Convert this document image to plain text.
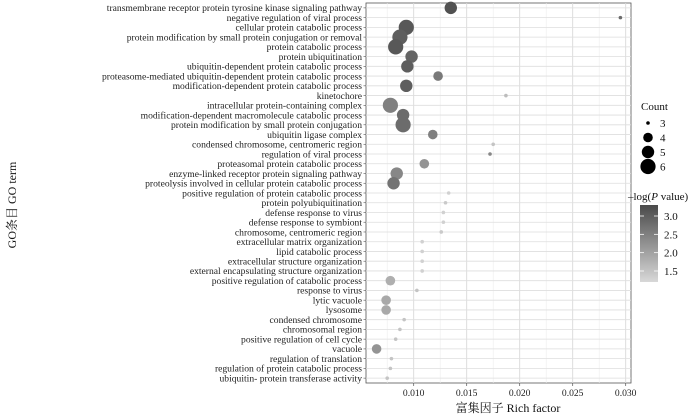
transmembrane receptor protein tyrosine kinase signaling pathway
negative regulation of viral process
cellular protein catabolic process
protein modification by small protein conjugation or removal
protein catabolic process
protein ubiquitination
ubiquitin-dependent protein catabolic process
proteasome-mediated ubiquitin-dependent protein catabolic process
modification-dependent protein catabolic process
kinetochore
intracellular protein-containing complex
modification-dependent macromolecule catabolic process
protein modification by small protein conjugation
ubiquitin ligase complex
condensed chromosome, centromeric region
regulation of viral process
proteasomal protein catabolic process
enzyme-linked receptor protein signaling pathway
proteolysis involved in cellular protein catabolic process
positive regulation of protein catabolic process
protein polyubiquitination
defense response to virus
defense response to symbiont
chromosome, centromeric region
extracellular matrix organization
lipid catabolic process
extracellular structure organization
external encapsulating structure organization
positive regulation of catabolic process
response to virus
lytic vacuole
lysosome
condensed chromosome
chromosomal region
positive regulation of cell cycle
vacuole
regulation of translation
regulation of protein catabolic process
ubiquitin- protein transferase activity
0.010	0.015	0.020	0.025	0.030
富集因子 Rich factor
GO条目 GO term
Count
3
4
5
6
–log(P value)
1.5
2.0
2.5
3.0
